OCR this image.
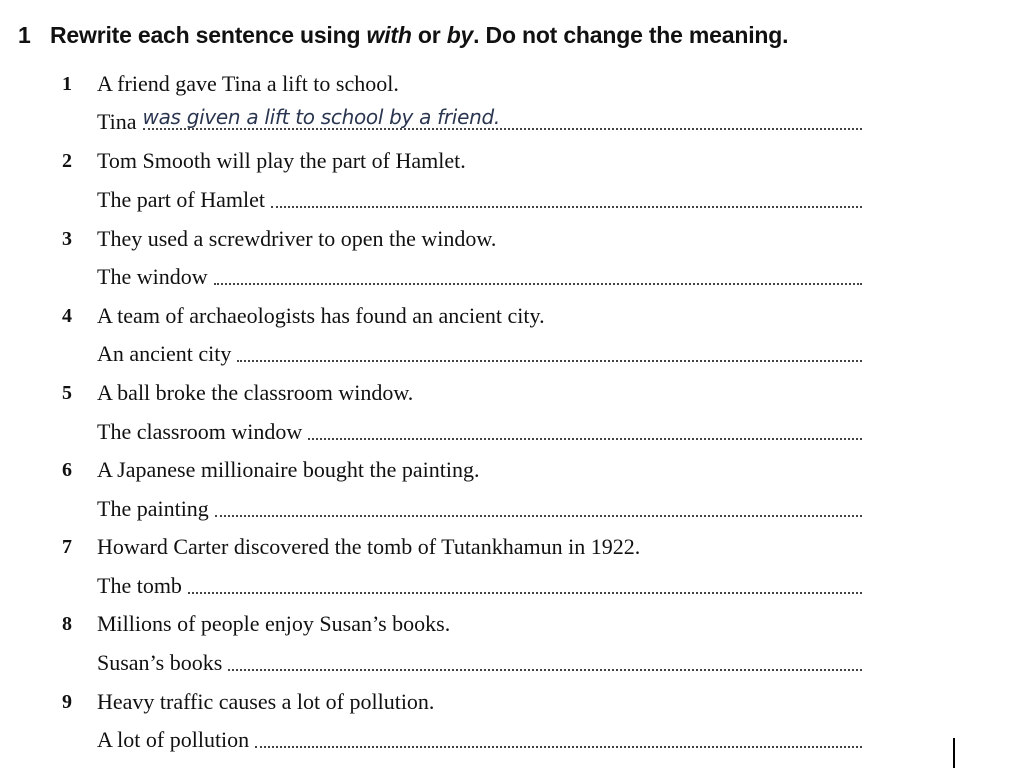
1 Rewrite each sentence using with or by. Do not change the meaning.
1	A friend gave Tina a lift to school.
Tina was given a lift to school by a friend.
2	Tom Smooth will play the part of Hamlet.
The part of Hamlet
3	They used a screwdriver to open the window.
The window
4	A team of archaeologists has found an ancient city.
An ancient city
5	A ball broke the classroom window.
The classroom window
6	A Japanese millionaire bought the painting.
The painting
7	Howard Carter discovered the tomb of Tutankhamun in 1922.
The tomb
8	Millions of people enjoy Susan’s books.
Susan’s books
9	Heavy traffic causes a lot of pollution.
A lot of pollution
